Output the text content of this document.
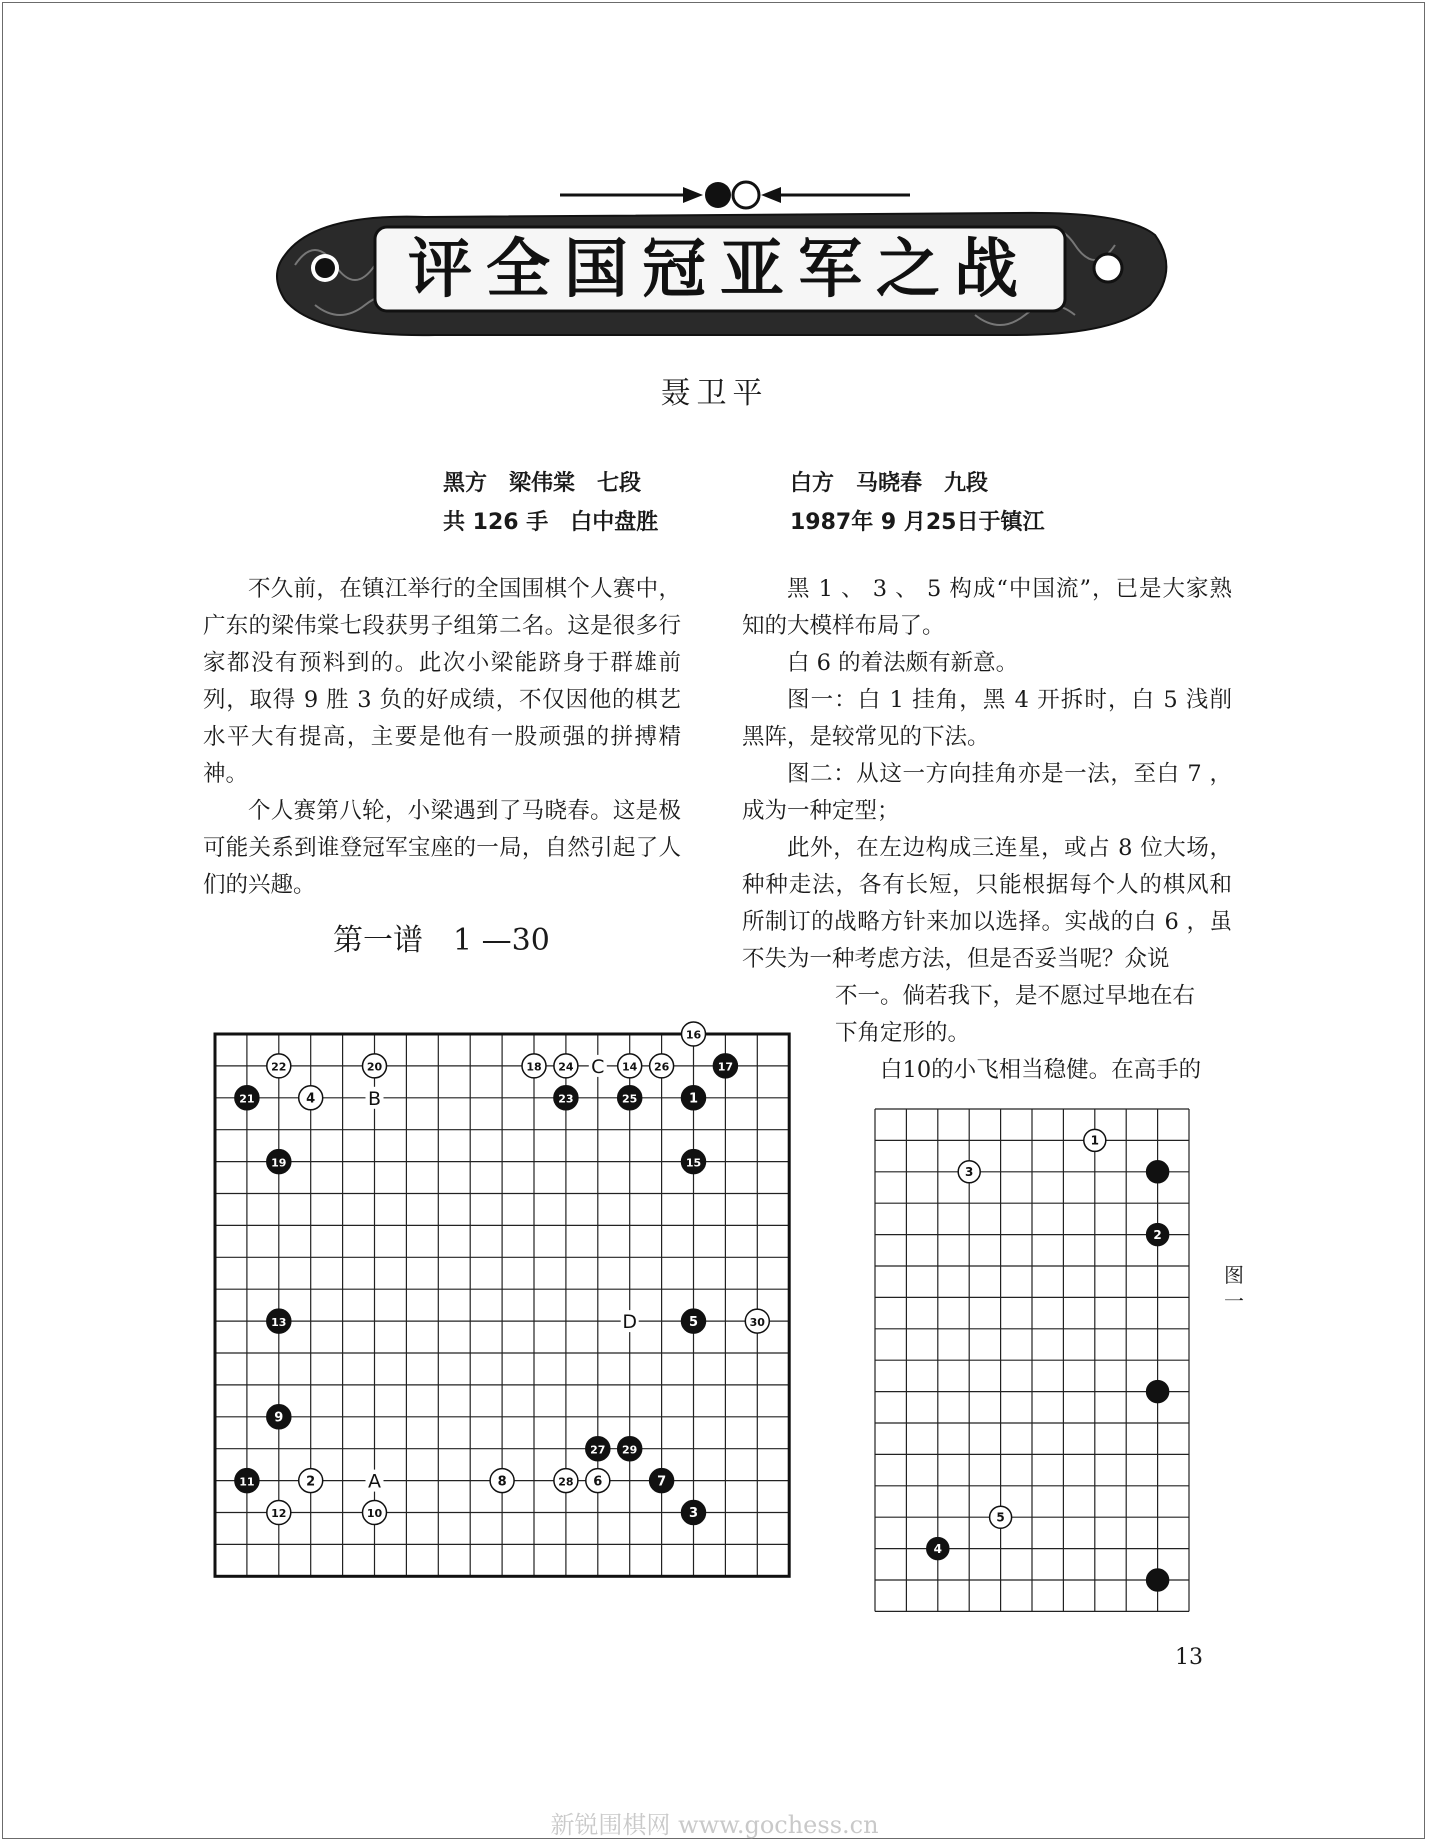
评全国冠亚军之战
聂卫平
黑方　梁伟棠　七段	白方　马晓春　九段
共 126 手　白中盘胜	1987年 9 月25日于镇江

不久前，在镇江举行的全国围棋个人赛中，广东的梁伟棠七段获男子组第二名。这是很多行家都没有预料到的。此次小梁能跻身于群雄前列，取得 9 胜 3 负的好成绩，不仅因他的棋艺水平大有提高，主要是他有一股顽强的拼搏精神。

个人赛第八轮，小梁遇到了马晓春。这是极可能关系到谁登冠军宝座的一局，自然引起了人们的兴趣。

第一谱　1 —30

黑 1 、 3 、 5 构成“中国流”，已是大家熟知的大模样布局了。

白 6 的着法颇有新意。

图一：白 1 挂角，黑 4 开拆时，白 5 浅削黑阵，是较常见的下法。

图二：从这一方向挂角亦是一法，至白 7 ，成为一种定型；

此外，在左边构成三连星，或占 8 位大场，种种走法，各有长短，只能根据每个人的棋风和所制订的战略方针来加以选择。实战的白 6 ，虽不失为一种考虑方法，但是否妥当呢？众说

不一。倘若我下，是不愿过早地在右
下角定形的。
白10的小飞相当稳健。在高手的
C
B
D
A
16
17
22	20	18 24	14 26
21	4	23	25	1
19	15
13	5	30
9
27 29
11	2	8	28 6	7
12	10	3
1
3
2
5
4
图
一
13
新锐围棋网 www.gochess.cn
